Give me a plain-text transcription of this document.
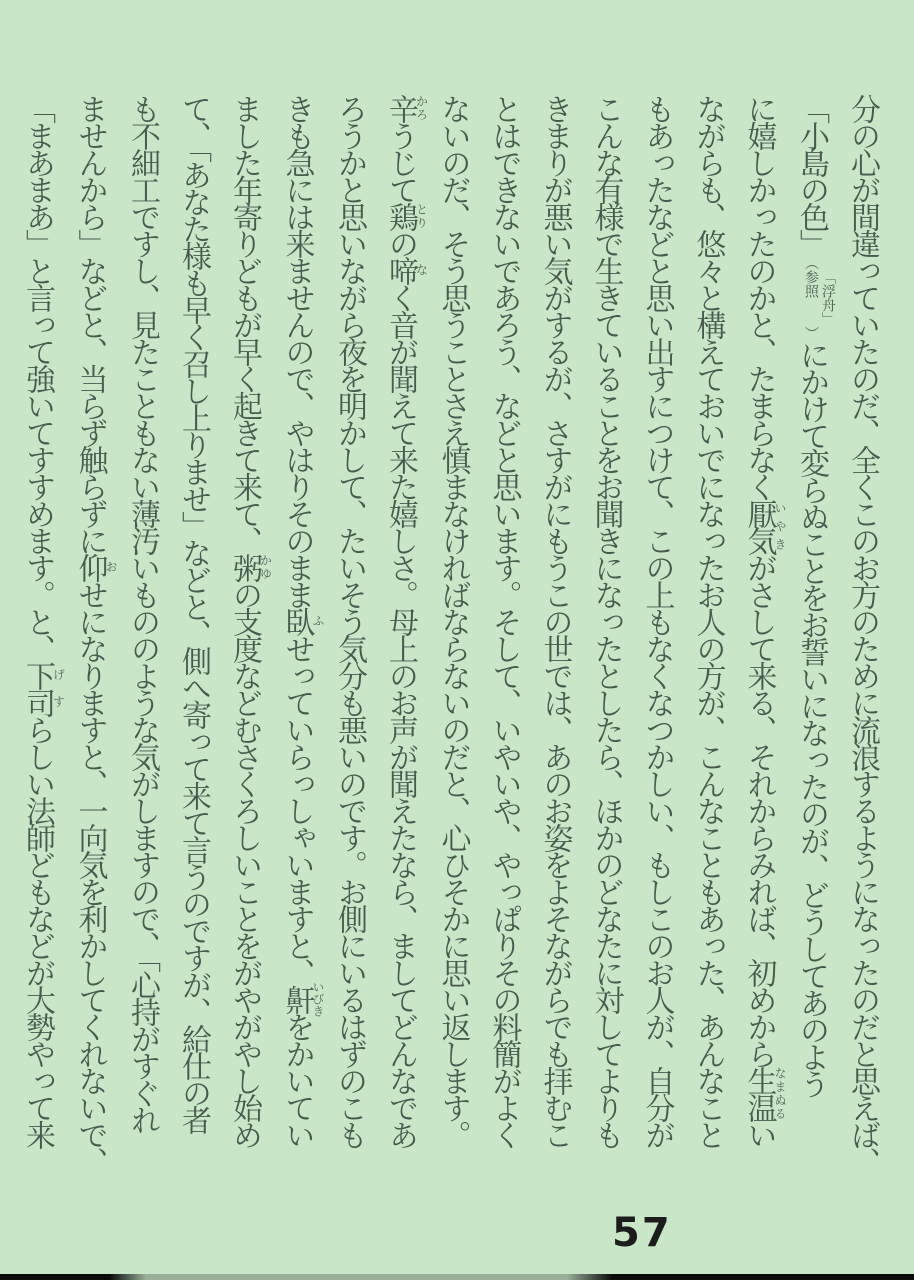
分の心が間違っていたのだ、全くこのお方のために流浪するようになったのだと思えば、

「小島の色」（
「浮舟」
参照
）にかけて変らぬことをお誓いになったのが、どうしてあのよう

に嬉しかったのかと、たまらなく厭気いやきがさして来る、それからみれば、初めから生温なまぬるい

ながらも、悠々と構えておいでになったお人の方が、こんなこともあった、あんなこと

もあったなどと思い出すにつけて、この上もなくなつかしい、もしこのお人が、自分が

こんな有様で生きていることをお聞きになったとしたら、ほかのどなたに対してよりも

きまりが悪い気がするが、さすがにもうこの世では、あのお姿をよそながらでも拝むこ

とはできないであろう、などと思います。そして、いやいや、やっぱりその料簡がよく

ないのだ、そう思うことさえ慎まなければならないのだと、心ひそかに思い返します。

辛かろうじて鶏とりの啼なく音が聞えて来た嬉しさ。母上のお声が聞えたなら、ましてどんなであ

ろうかと思いながら夜を明かして、たいそう気分も悪いのです。お側にいるはずのこも

きも急には来ませんので、やはりそのまま臥ふせっていらっしゃいますと、鼾いびきをかいてい

ました年寄りどもが早く起きて来て、粥かゆの支度などむさくろしいことをがやがやし始め

て、「あなた様も早く召し上りませ」などと、側へ寄って来て言うのですが、給仕の者

も不細工ですし、見たこともない薄汚いもののような気がしますので、「心持がすぐれ

ませんから」などと、当らず触らずに仰おせになりますと、一向気を利かしてくれないで、

「まあまあ」と言って強いてすすめます。と、下司げすらしい法師どもなどが大勢やって来

57
